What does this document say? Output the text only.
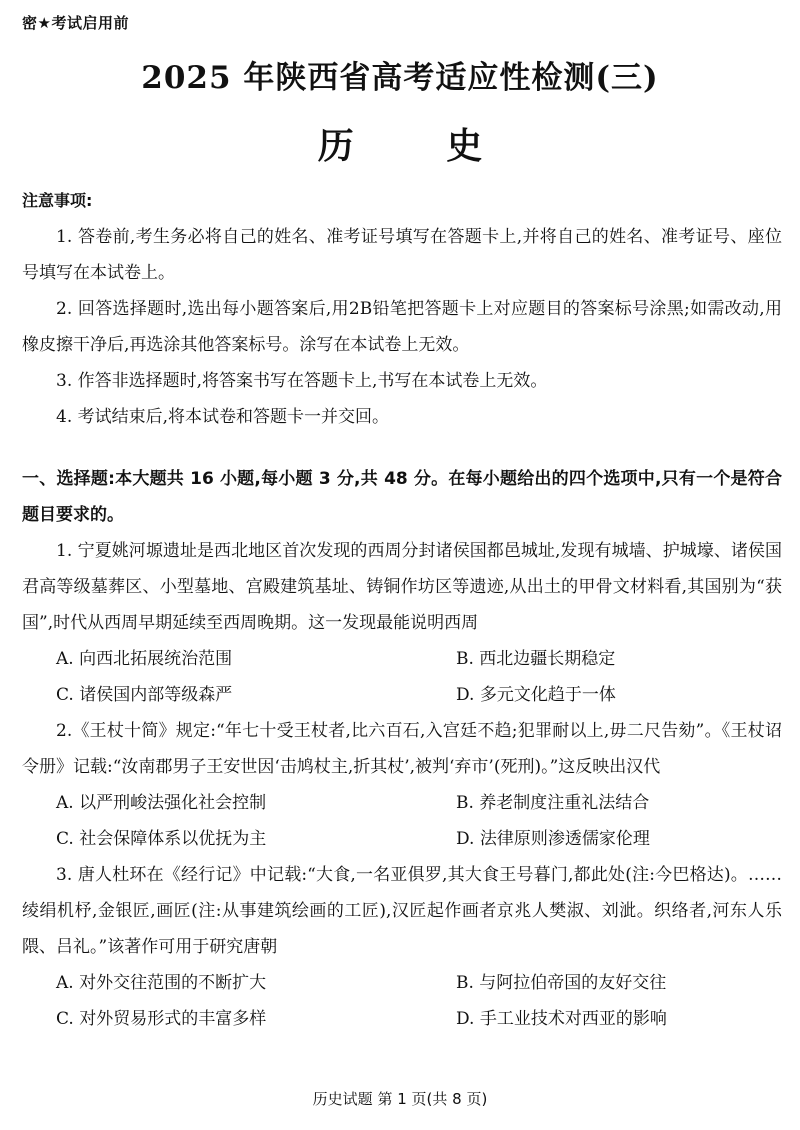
密★考试启用前
2025 年陕西省高考适应性检测(三)
历 史
注意事项:

1. 答卷前,考生务必将自己的姓名、准考证号填写在答题卡上,并将自己的姓名、准考证号、座位号填写在本试卷上。

2. 回答选择题时,选出每小题答案后,用2B铅笔把答题卡上对应题目的答案标号涂黑;如需改动,用橡皮擦干净后,再选涂其他答案标号。涂写在本试卷上无效。

3. 作答非选择题时,将答案书写在答题卡上,书写在本试卷上无效。

4. 考试结束后,将本试卷和答题卡一并交回。

一、选择题:本大题共 16 小题,每小题 3 分,共 48 分。在每小题给出的四个选项中,只有一个是符合题目要求的。

1. 宁夏姚河塬遗址是西北地区首次发现的西周分封诸侯国都邑城址,发现有城墙、护城壕、诸侯国君高等级墓葬区、小型墓地、宫殿建筑基址、铸铜作坊区等遗迹,从出土的甲骨文材料看,其国别为“获国”,时代从西周早期延续至西周晚期。这一发现最能说明西周

A. 向西北拓展统治范围	B. 西北边疆长期稳定
C. 诸侯国内部等级森严	D. 多元文化趋于一体

2.《王杖十简》规定:“年七十受王杖者,比六百石,入宫廷不趋;犯罪耐以上,毋二尺告劾”。《王杖诏令册》记载:“汝南郡男子王安世因‘击鸠杖主,折其杖’,被判‘弃市’(死刑)。”这反映出汉代

A. 以严刑峻法强化社会控制	B. 养老制度注重礼法结合
C. 社会保障体系以优抚为主	D. 法律原则渗透儒家伦理

3. 唐人杜环在《经行记》中记载:“大食,一名亚俱罗,其大食王号暮门,都此处(注:今巴格达)。……绫绢机杼,金银匠,画匠(注:从事建筑绘画的工匠),汉匠起作画者京兆人樊淑、刘泚。织络者,河东人乐隈、吕礼。”该著作可用于研究唐朝

A. 对外交往范围的不断扩大	B. 与阿拉伯帝国的友好交往
C. 对外贸易形式的丰富多样	D. 手工业技术对西亚的影响
历史试题 第 1 页(共 8 页)
